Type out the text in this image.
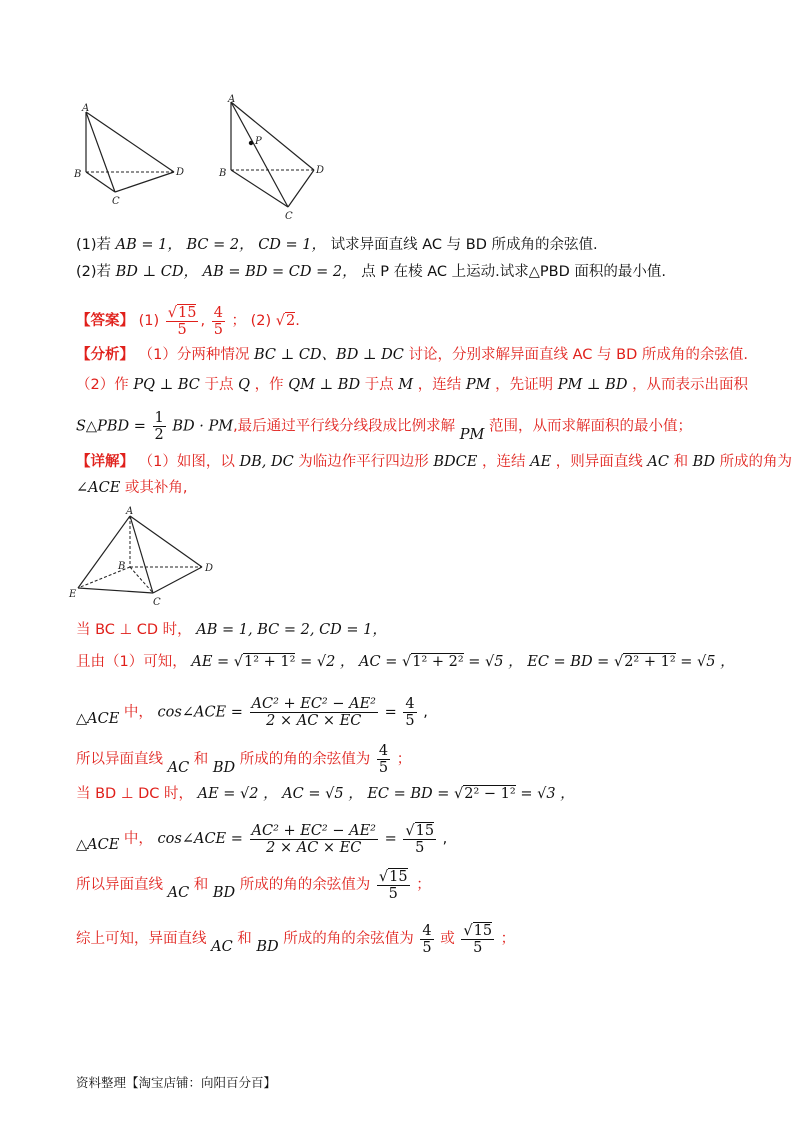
A
B
C
D
A
P
B
C
D
(1)若 AB = 1， BC = 2， CD = 1， 试求异面直线 AC 与 BD 所成角的余弦值.
(2)若 BD ⊥ CD， AB = BD = CD = 2， 点 P 在棱 AC 上运动.试求△PBD 面积的最小值.
【答案】 $(1) \frac{√15}{5}$ , $\frac{4}{5}$ ； (2) √2.
【分析】 （1）分两种情况 BC ⊥ CD、BD ⊥ DC 讨论，分别求解异面直线 AC 与 BD 所成角的余弦值.
（2）作 PQ ⊥ BC 于点 Q ，作 QM ⊥ BD 于点 M ，连结 PM ，先证明 PM ⊥ BD ，从而表示出面积
S△PBD = $\frac{1}{2}$ BD · PM,最后通过平行线分线段成比例求解 PM 范围，从而求解面积的最小值；
【详解】 （1）如图，以 DB, DC 为临边作平行四边形 BDCE ，连结 AE ，则异面直线 AC 和 BD 所成的角为
∠ACE 或其补角,
A
B
C
D
E
当 BC ⊥ CD 时， AB = 1, BC = 2, CD = 1，
且由（1）可知， AE = √1² + 1² = √2 ， AC = √1² + 2² = √5 ， EC = BD = √2² + 1² = √5 ，
△ACE 中， cos∠ACE = $\frac{\text{AC² + EC² − AE²}}{2 \times AC \times EC} = \frac{4}{5}$ ,
所以异面直线 AC 和 BD 所成的角的余弦值为 $\frac{4}{5}$ ；
当 BD ⊥ DC 时， AE = √2 ， AC = √5 ， EC = BD = √2² − 1² = √3 ，
△ACE 中， cos∠ACE = $\frac{\text{AC² + EC² − AE²}}{2 \times AC \times EC} = \frac{√15}{5}$ ,
所以异面直线 AC 和 BD 所成的角的余弦值为 $\frac{√15}{5}$ ；
综上可知，异面直线 AC 和 BD 所成的角的余弦值为 $\frac{4}{5}$ 或 $\frac{√15}{5}$ ；
资料整理【淘宝店铺：向阳百分百】
